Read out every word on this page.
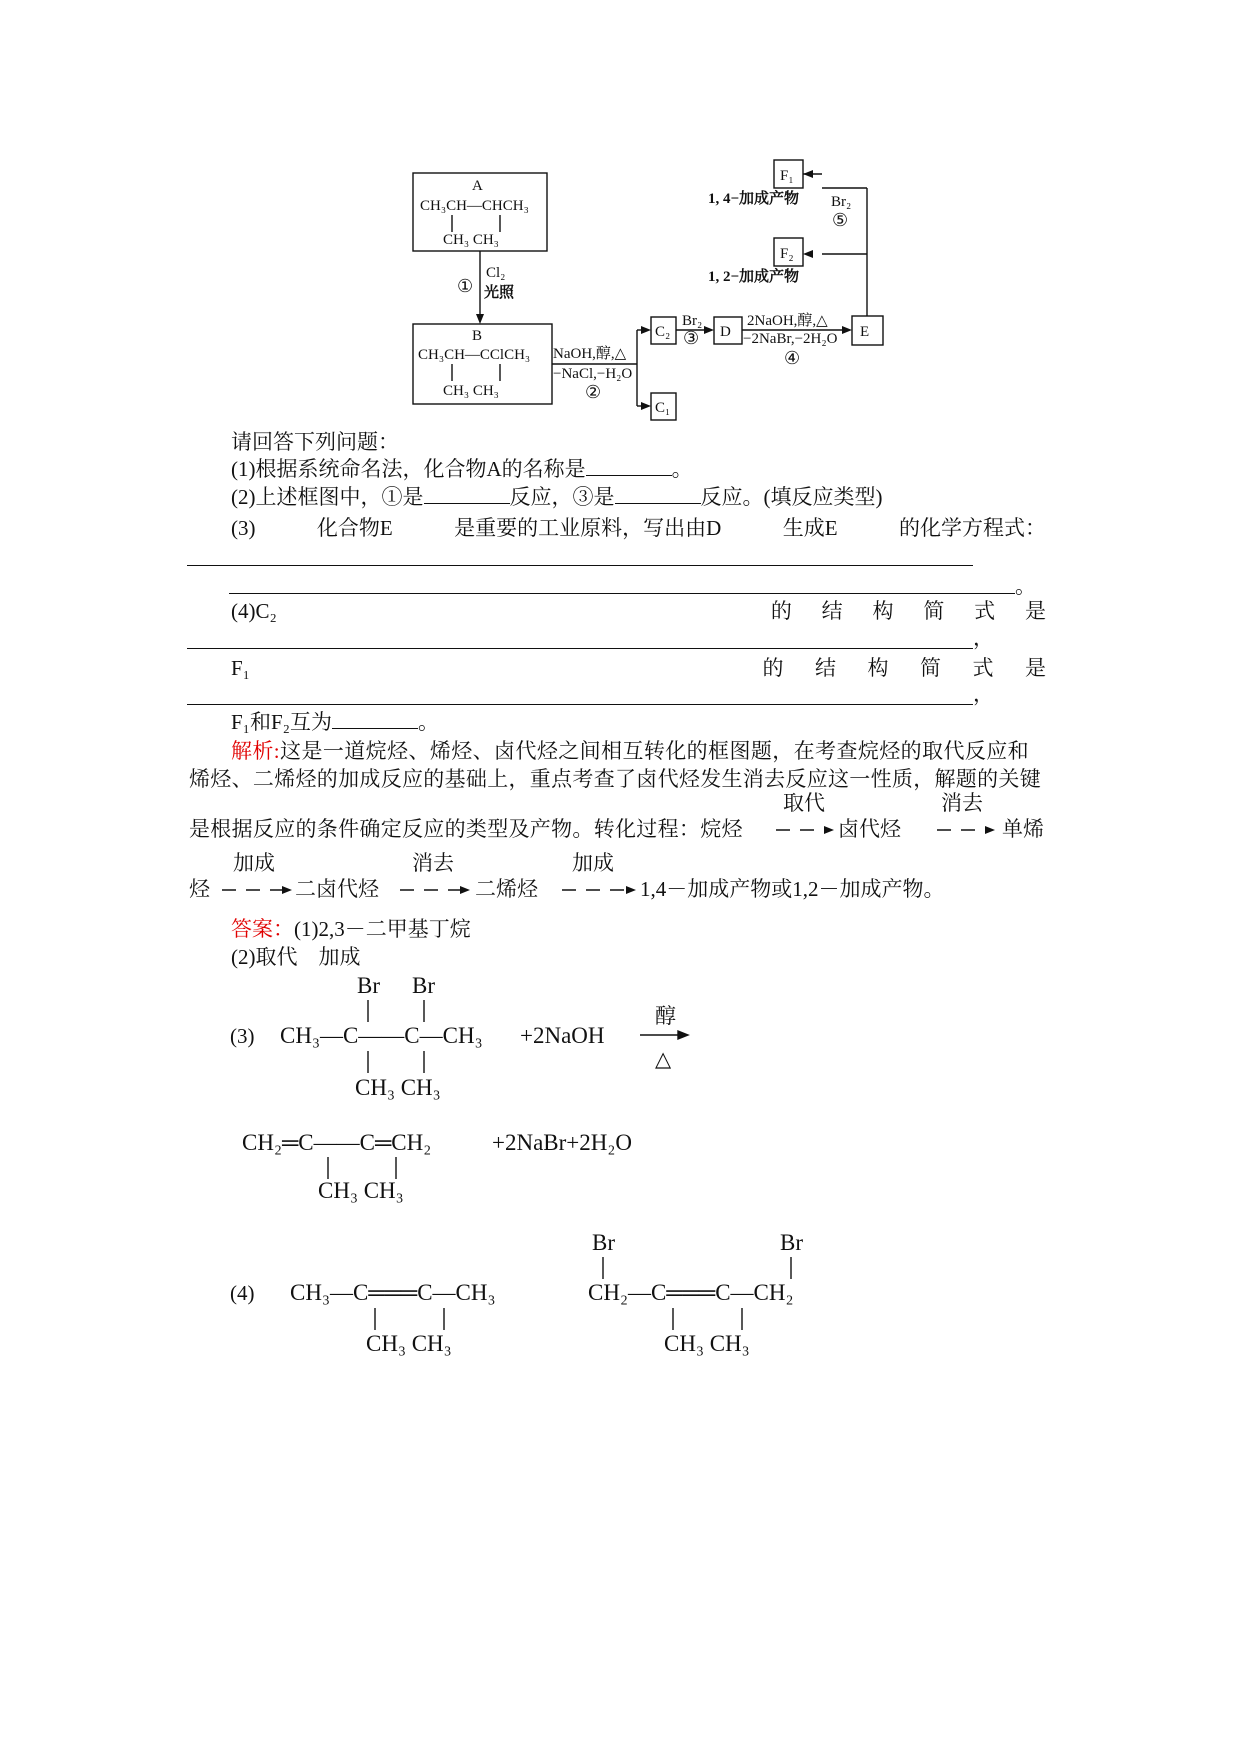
A
CH₃CH—CHCH₃
CH₃ CH₃
Cl₂
① 光照
B
CH₃CH—CClCH₃
CH₃ CH₃
NaOH,醇,△
−NaCl,−H₂O
②
C₂
C₁
Br₂
③ D
2NaOH,醇,△
−2NaBr,−2H₂O
④
E
F₁
F₂
1, 4−加成产物
1, 2−加成产物
Br₂
⑤
请回答下列问题：
(1)根据系统命名法，化合物A的名称是	。
(2)上述框图中，①是	反应，③是	反应。(填反应类型)
(3)	化合物E	是重要的工业原料，写出由D	生成E	的化学方程式：
。
(4)C₂	的 结 构 简 式 是
，
F₁	的 结 构 简 式 是
，
F₁和F₂互为	。
解析:这是一道烷烃、烯烃、卤代烃之间相互转化的框图题，在考查烷烃的取代反应和
烯烃、二烯烃的加成反应的基础上，重点考查了卤代烃发生消去反应这一性质，解题的关键
取代	消去
是根据反应的条件确定反应的类型及产物。转化过程：烷烃	卤代烃	单烯
加成	消去	加成
烃	二卤代烃	二烯烃	1,4－加成产物或1,2－加成产物。
答案：(1)2,3－二甲基丁烷
(2)取代　加成
Br Br
(3) CH₃—C——C—CH₃ +2NaOH
醇
△
CH₃ CH₃
CH₂═C——C═CH₂	+2NaBr+2H₂O
CH₃ CH₃
(4) CH₃—C═══C—CH₃
CH₃ CH₃
Br	Br
CH₂—C═══C—CH₂
CH₃ CH₃
